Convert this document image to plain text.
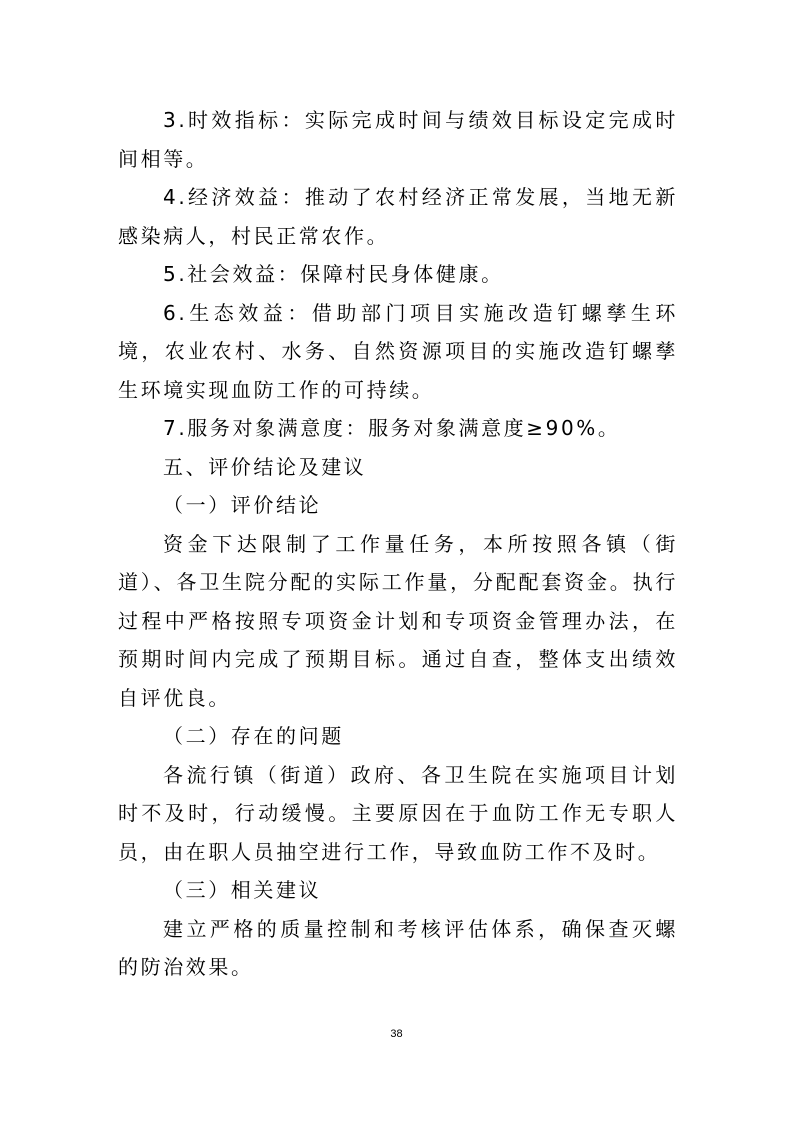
3.时效指标：实际完成时间与绩效目标设定完成时间相等。

4.经济效益：推动了农村经济正常发展，当地无新感染病人，村民正常农作。

5.社会效益：保障村民身体健康。

6.生态效益：借助部门项目实施改造钉螺孳生环境，农业农村、水务、自然资源项目的实施改造钉螺孳生环境实现血防工作的可持续。

7.服务对象满意度：服务对象满意度≥90%。

五、评价结论及建议

（一）评价结论

资金下达限制了工作量任务，本所按照各镇（街道）、各卫生院分配的实际工作量，分配配套资金。执行过程中严格按照专项资金计划和专项资金管理办法，在预期时间内完成了预期目标。通过自查，整体支出绩效自评优良。

（二）存在的问题

各流行镇（街道）政府、各卫生院在实施项目计划时不及时，行动缓慢。主要原因在于血防工作无专职人员，由在职人员抽空进行工作，导致血防工作不及时。

（三）相关建议

建立严格的质量控制和考核评估体系，确保查灭螺的防治效果。

38
